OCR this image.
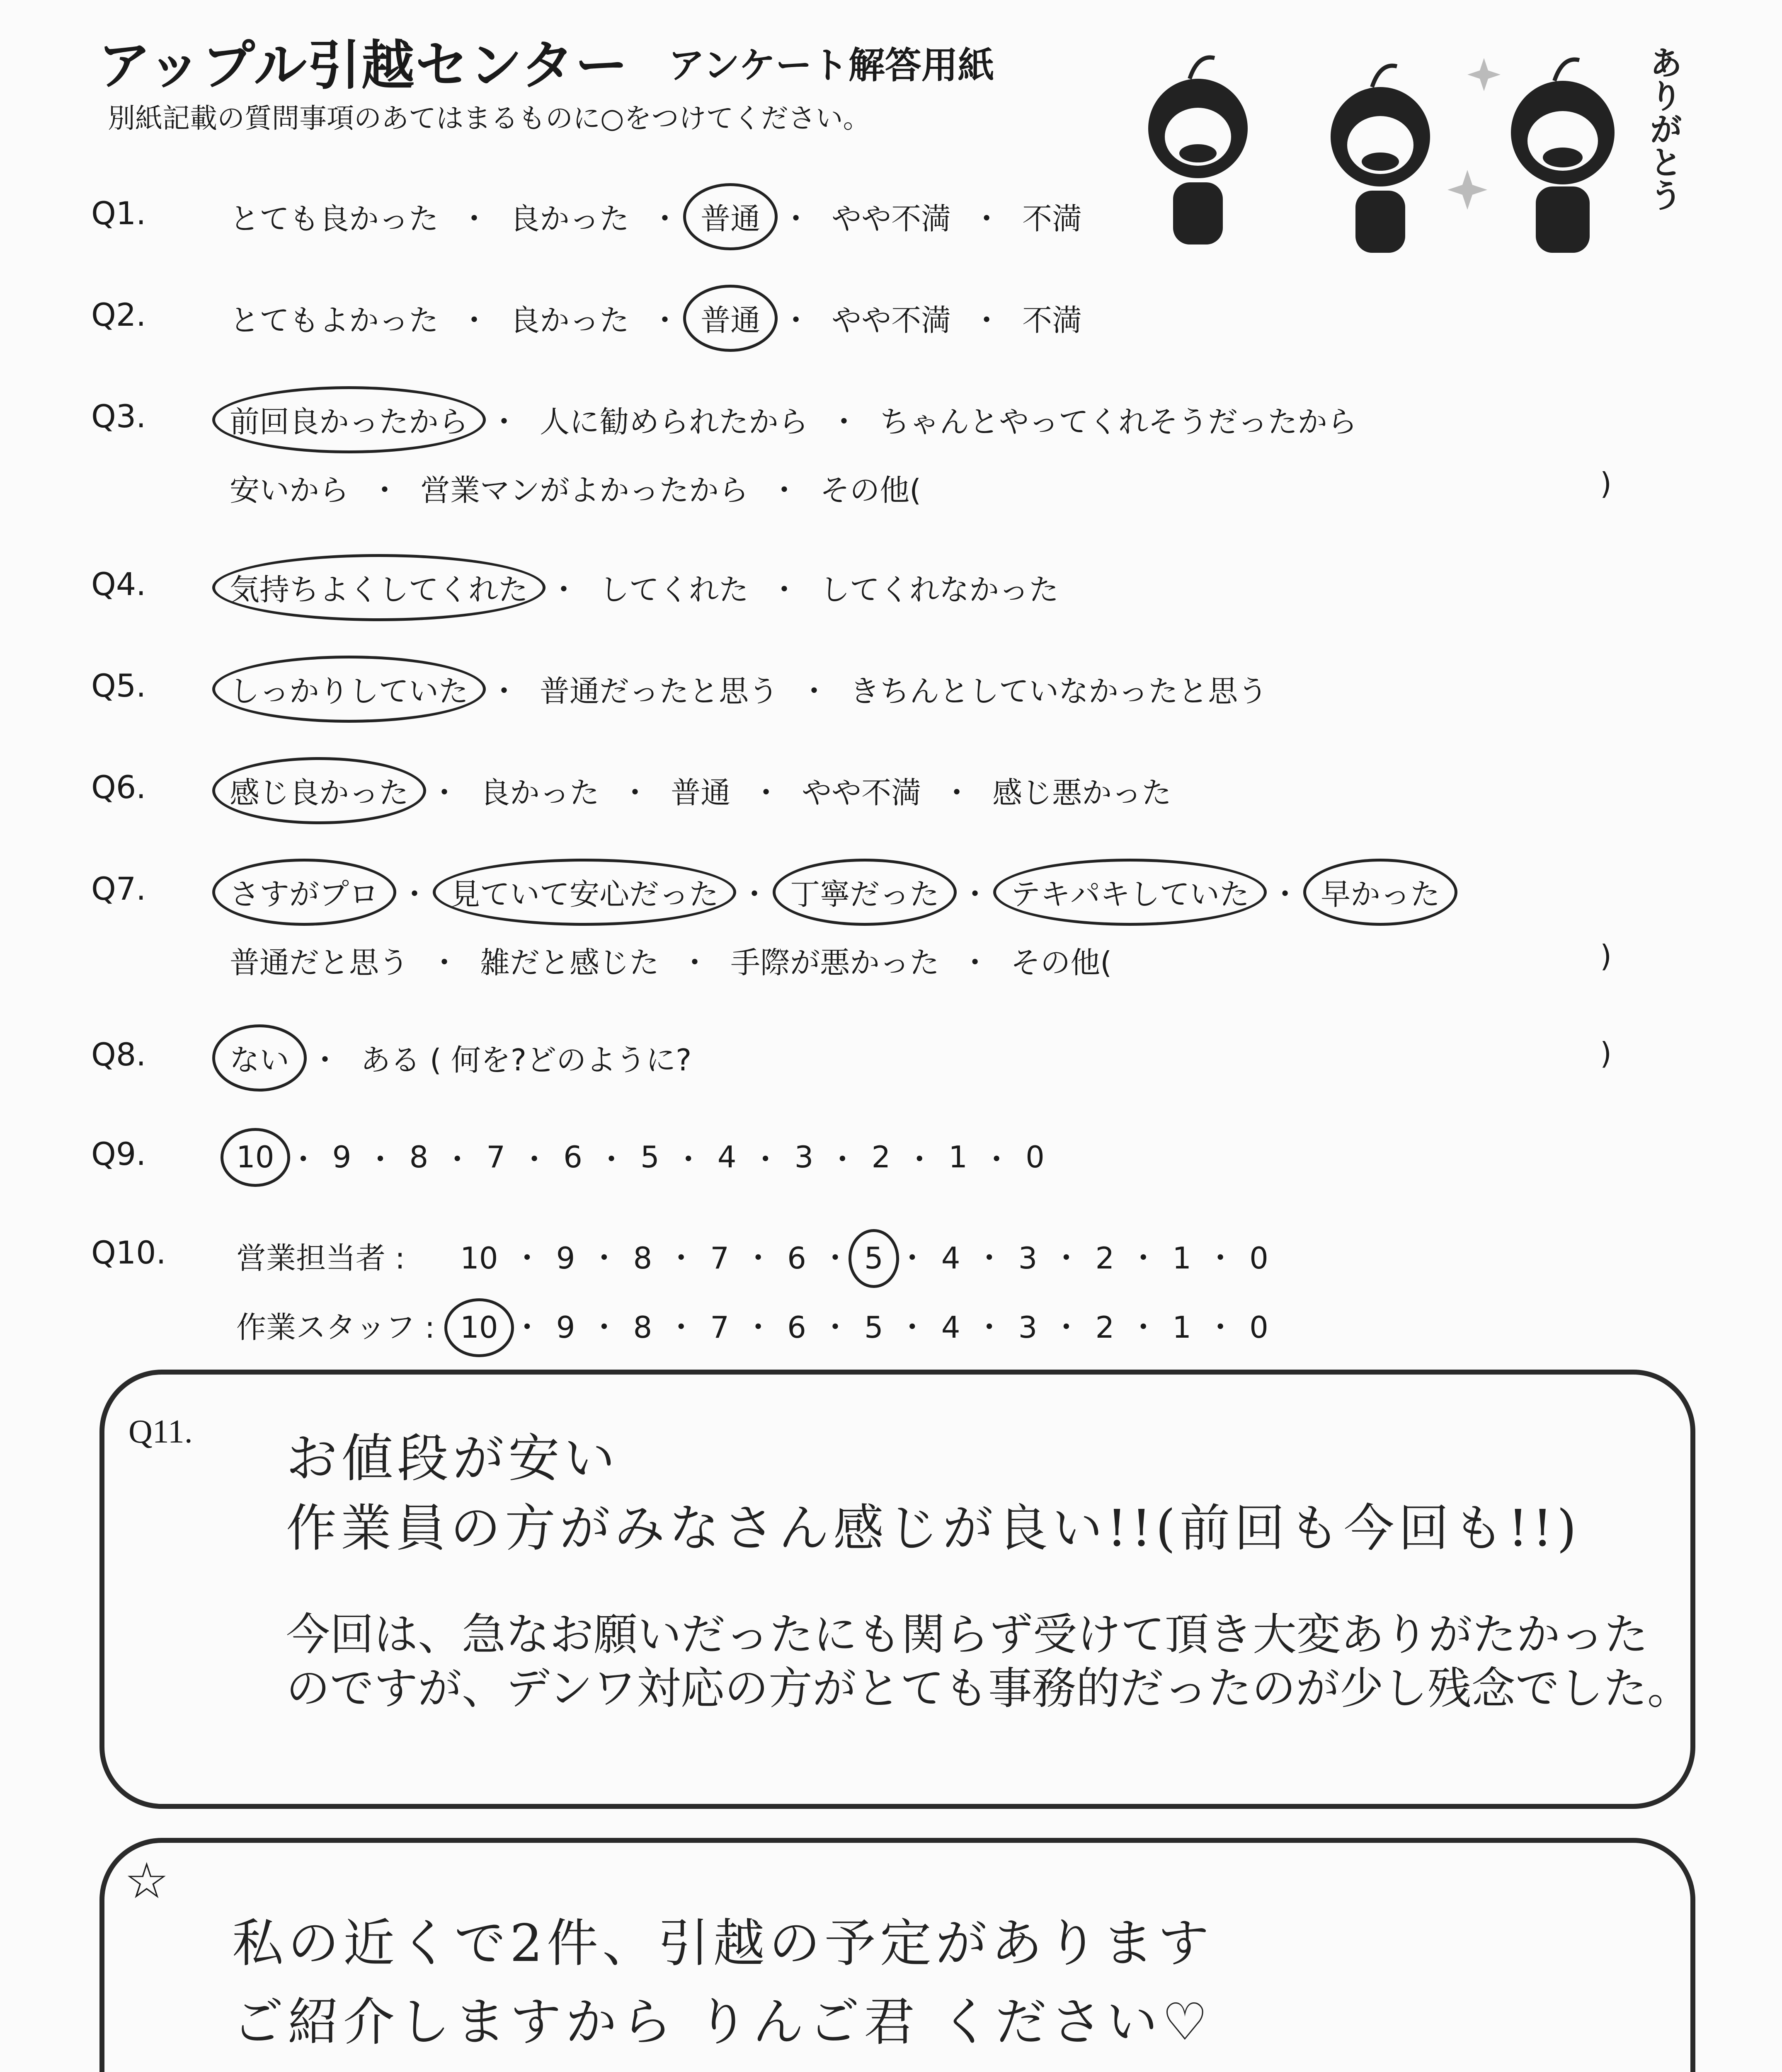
アップル引越センター アンケート解答用紙
別紙記載の質問事項のあてはまるものに○をつけてください。	ありがとう
Q1.	とても良かった ・ 良かった ・ 普通 ・ やや不満 ・ 不満
Q2.	とてもよかった ・ 良かった ・ 普通 ・ やや不満 ・ 不満
Q3.	前回良かったから ・ 人に勧められたから ・ ちゃんとやってくれそうだったから
安いから ・ 営業マンがよかったから ・ その他(	)
Q4.	気持ちよくしてくれた ・ してくれた ・ してくれなかった
Q5.	しっかりしていた ・ 普通だったと思う ・ きちんとしていなかったと思う
Q6.	感じ良かった ・ 良かった ・ 普通 ・ やや不満 ・ 感じ悪かった
Q7.	さすがプロ ・ 見ていて安心だった ・ 丁寧だった ・ テキパキしていた ・ 早かった
普通だと思う ・ 雑だと感じた ・ 手際が悪かった ・ その他(	)
Q8.	ない ・ ある ( 何を?どのように?	)
Q9.	10 ・ 9 ・ 8 ・ 7 ・ 6 ・ 5 ・ 4 ・ 3 ・ 2 ・ 1 ・ 0
Q10. 営業担当者 :	10 ・ 9 ・ 8 ・ 7 ・ 6 ・ 5 ・ 4 ・ 3 ・ 2 ・ 1 ・ 0
作業スタッフ : 10 ・ 9 ・ 8 ・ 7 ・ 6 ・ 5 ・ 4 ・ 3 ・ 2 ・ 1 ・ 0
Q11. お値段が安い
作業員の方がみなさん感じが良い!!(前回も今回も!!)
今回は、急なお願いだったにも関らず受けて頂き大変ありがたかった
のですが、デンワ対応の方がとても事務的だったのが少し残念でした。
☆
私の近くで2件、引越の予定があります
ご紹介しますから りんご君 ください♡
